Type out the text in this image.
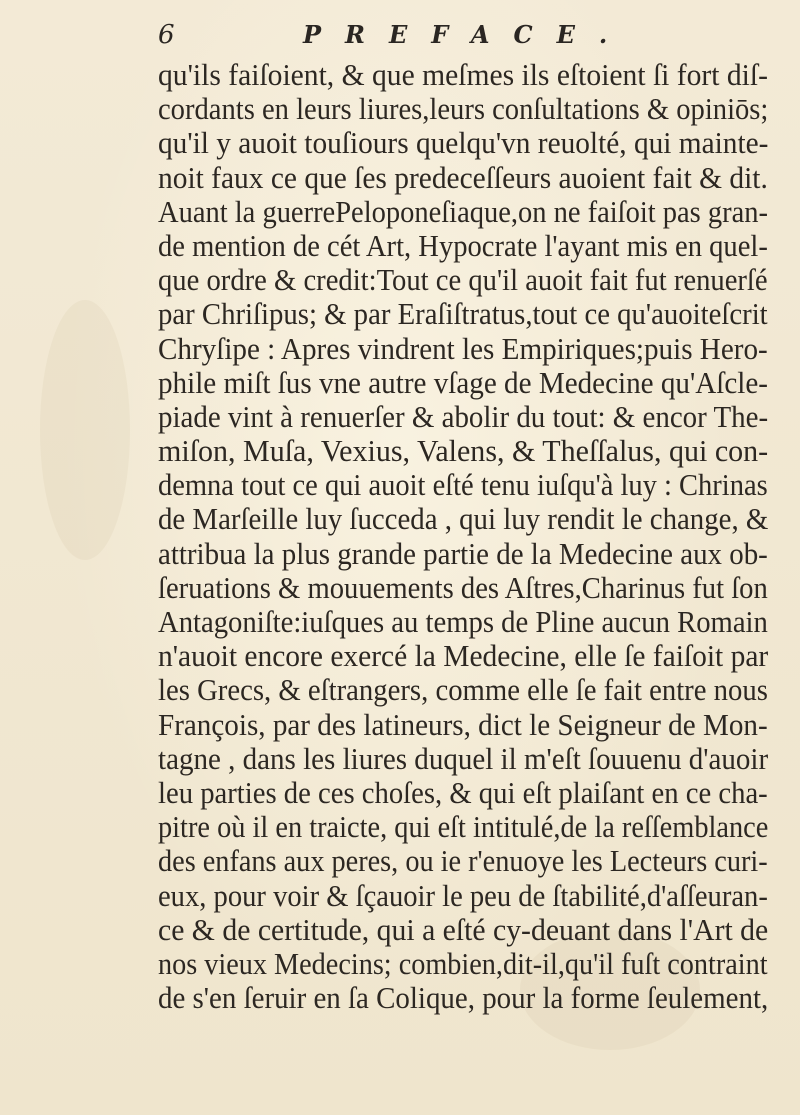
6	PREFACE.
qu'ils faiſoient, & que meſmes ils eſtoient ſi fort diſ-
cordants en leurs liures,leurs conſultations & opiniōs;
qu'il y auoit touſiours quelqu'vn reuolté, qui mainte-
noit faux ce que ſes predeceſſeurs auoient fait & dit.
Auant la guerrePeloponeſiaque,on ne faiſoit pas gran-
de mention de cét Art, Hypocrate l'ayant mis en quel-
que ordre & credit:Tout ce qu'il auoit fait fut renuerſé
par Chriſipus; & par Eraſiſtratus,tout ce qu'auoiteſcrit
Chryſipe : Apres vindrent les Empiriques;puis Hero-
phile miſt ſus vne autre vſage de Medecine qu'Aſcle-
piade vint à renuerſer & abolir du tout: & encor The-
miſon, Muſa, Vexius, Valens, & Theſſalus, qui con-
demna tout ce qui auoit eſté tenu iuſqu'à luy : Chrinas
de Marſeille luy ſucceda , qui luy rendit le change, &
attribua la plus grande partie de la Medecine aux ob-
ſeruations & mouuements des Aſtres,Charinus fut ſon
Antagoniſte:iuſques au temps de Pline aucun Romain
n'auoit encore exercé la Medecine, elle ſe faiſoit par
les Grecs, & eſtrangers, comme elle ſe fait entre nous
François, par des latineurs, dict le Seigneur de Mon-
tagne , dans les liures duquel il m'eſt ſouuenu d'auoir
leu parties de ces choſes, & qui eſt plaiſant en ce cha-
pitre où il en traicte, qui eſt intitulé,de la reſſemblance
des enfans aux peres, ou ie r'enuoye les Lecteurs curi-
eux, pour voir & ſçauoir le peu de ſtabilité,d'aſſeuran-
ce & de certitude, qui a eſté cy-deuant dans l'Art de
nos vieux Medecins; combien,dit-il,qu'il fuſt contraint
de s'en ſeruir en ſa Colique, pour la forme ſeulement,
